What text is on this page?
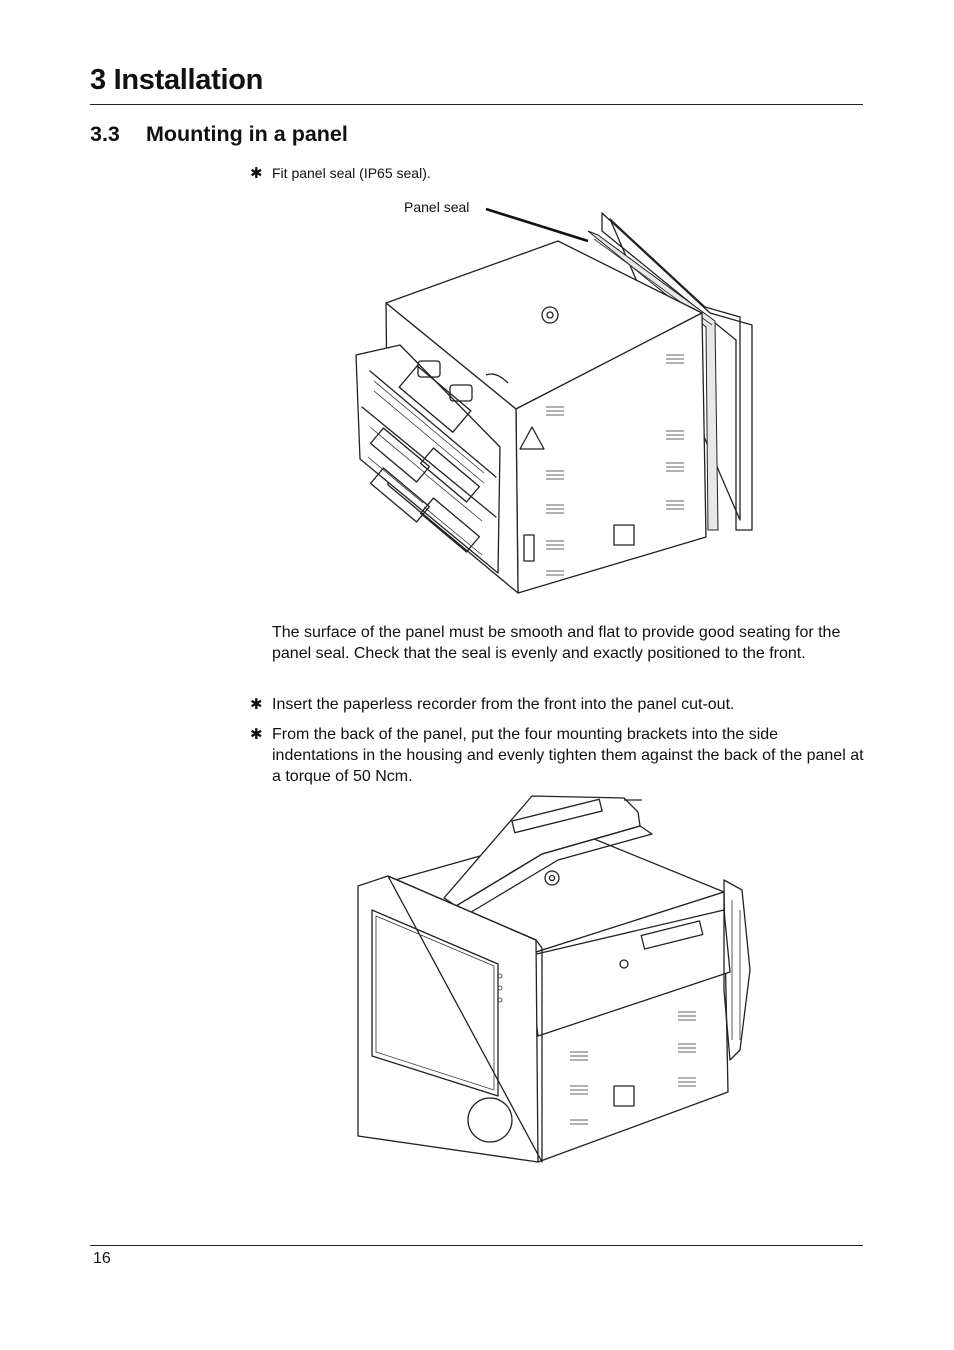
3 Installation
3.3 Mounting in a panel
✱ Fit panel seal (IP65 seal).
Panel seal
The surface of the panel must be smooth and flat to provide good seating for the panel seal. Check that the seal is evenly and exactly positioned to the front.
✱ Insert the paperless recorder from the front into the panel cut-out.
✱ From the back of the panel, put the four mounting brackets into the side indentations in the housing and evenly tighten them against the back of the panel at a torque of 50 Ncm.
16
